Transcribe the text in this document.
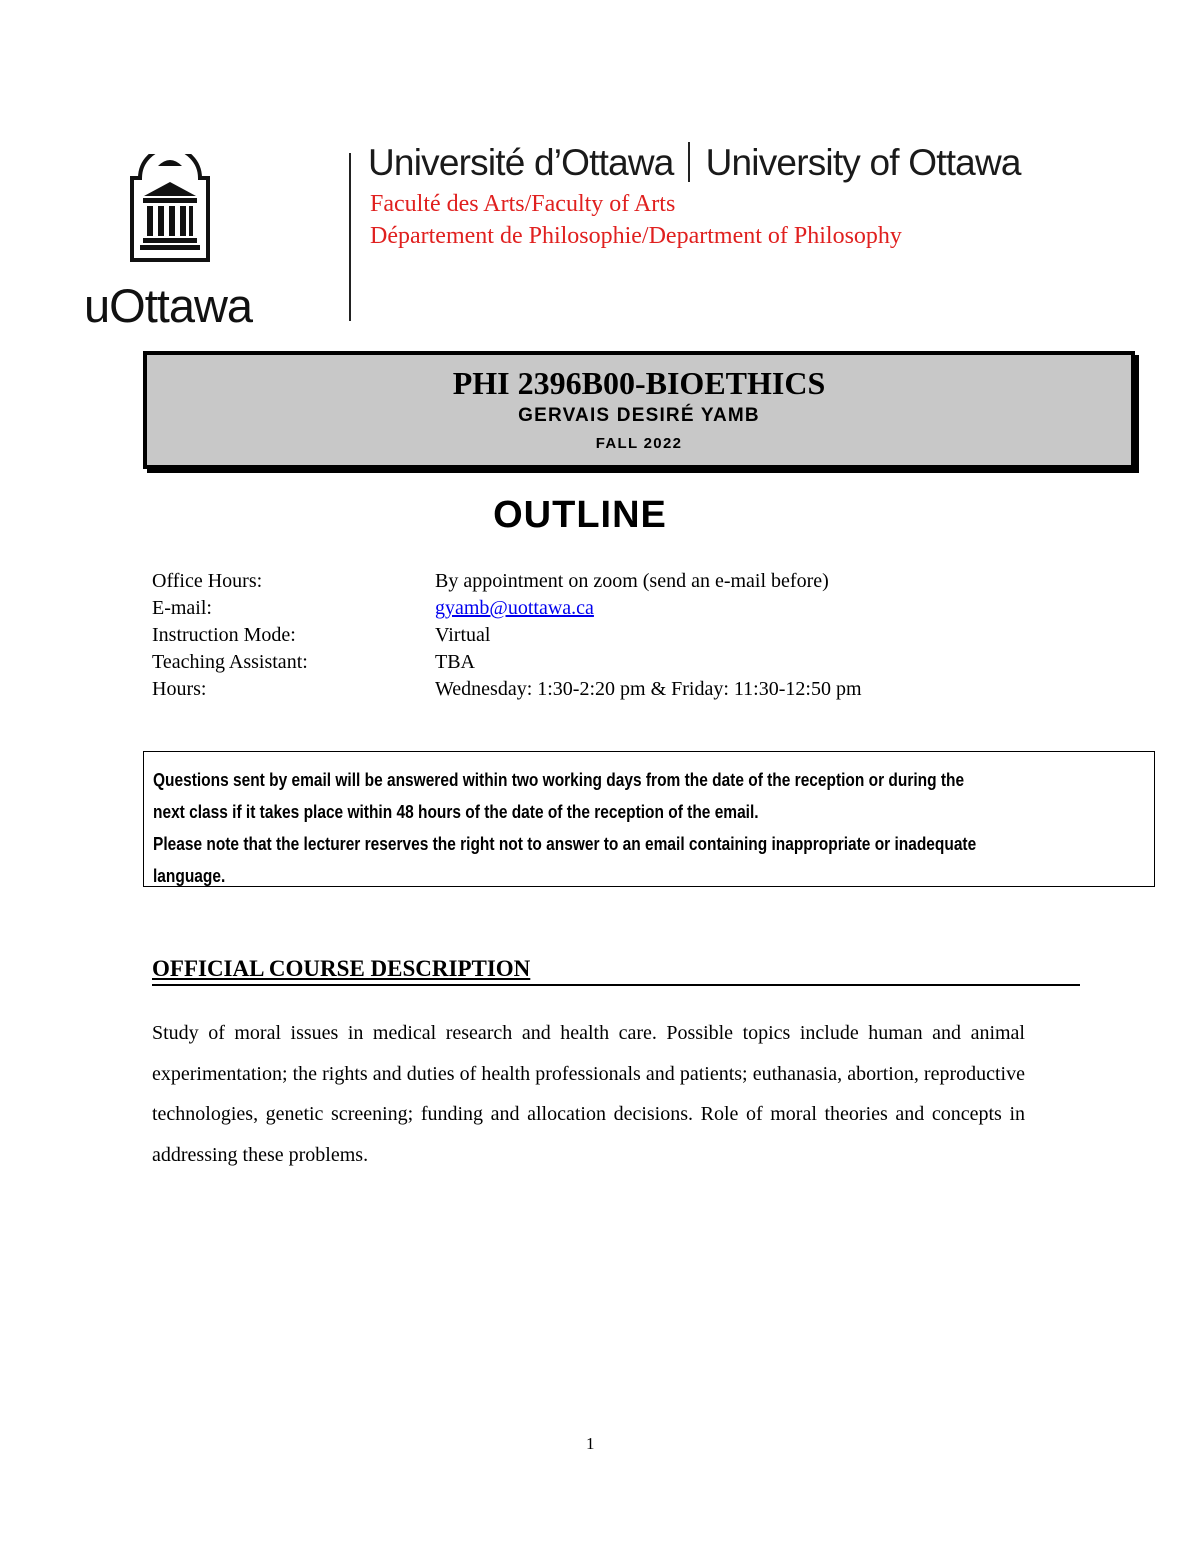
uOttawa
Université d’Ottawa University of Ottawa
Faculté des Arts/Faculty of Arts
Département de Philosophie/Department of Philosophy
PHI 2396B00-BIOETHICS
GERVAIS DESIRÉ YAMB
FALL 2022
OUTLINE
Office Hours:	By appointment on zoom (send an e-mail before)
E-mail:	gyamb@uottawa.ca
Instruction Mode:	Virtual
Teaching Assistant:	TBA
Hours:	Wednesday: 1:30-2:20 pm & Friday: 11:30-12:50 pm

Questions sent by email will be answered within two working days from the date of the reception or during the

next class if it takes place within 48 hours of the date of the reception of the email.

Please note that the lecturer reserves the right not to answer to an email containing inappropriate or inadequate

language.

OFFICIAL COURSE DESCRIPTION

Study of moral issues in medical research and health care. Possible topics include human and animal experimentation; the rights and duties of health professionals and patients; euthanasia, abortion, reproductive technologies, genetic screening; funding and allocation decisions. Role of moral theories and concepts in addressing these problems.

1
